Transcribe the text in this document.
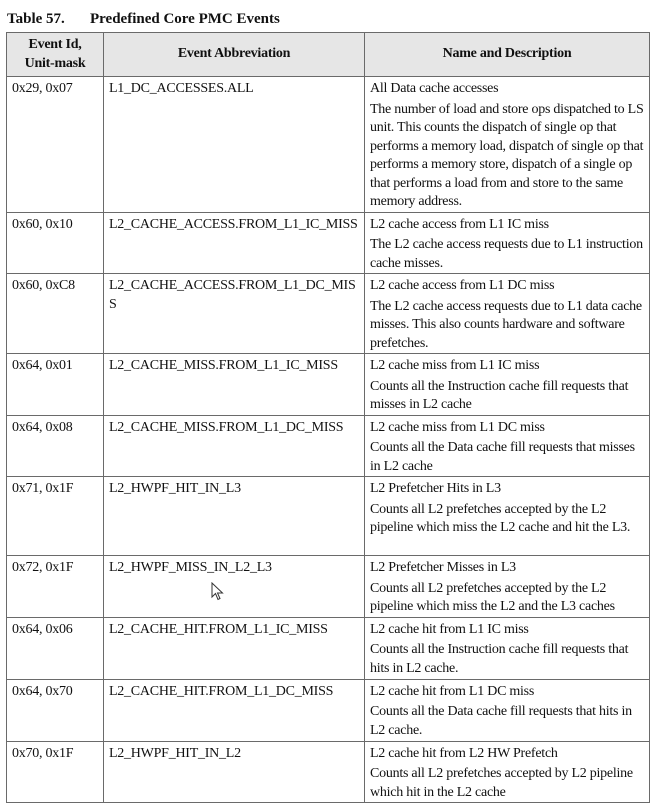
Table 57. Predefined Core PMC Events
Event Id, Unit-mask	Event Abbreviation	Name and Description
0x29, 0x07	L1_DC_ACCESSES.ALL	All Data cache accesses
The number of load and store ops dispatched to LS unit. This counts the dispatch of single op that performs a memory load, dispatch of single op that performs a memory store, dispatch of a single op that performs a load from and store to the same memory address.

0x60, 0x10	L2_CACHE_ACCESS.FROM_L1_IC_MISS	L2 cache access from L1 IC miss
The L2 cache access requests due to L1 instruction cache misses.

0x60, 0xC8	L2_CACHE_ACCESS.FROM_L1_DC_MISS	L2 cache access from L1 DC miss
The L2 cache access requests due to L1 data cache misses. This also counts hardware and software prefetches.

0x64, 0x01	L2_CACHE_MISS.FROM_L1_IC_MISS	L2 cache miss from L1 IC miss
Counts all the Instruction cache fill requests that misses in L2 cache

0x64, 0x08	L2_CACHE_MISS.FROM_L1_DC_MISS	L2 cache miss from L1 DC miss
Counts all the Data cache fill requests that misses in L2 cache

0x71, 0x1F	L2_HWPF_HIT_IN_L3	L2 Prefetcher Hits in L3
Counts all L2 prefetches accepted by the L2 pipeline which miss the L2 cache and hit the L3.

0x72, 0x1F	L2_HWPF_MISS_IN_L2_L3	L2 Prefetcher Misses in L3
Counts all L2 prefetches accepted by the L2 pipeline which miss the L2 and the L3 caches

0x64, 0x06	L2_CACHE_HIT.FROM_L1_IC_MISS	L2 cache hit from L1 IC miss
Counts all the Instruction cache fill requests that hits in L2 cache.

0x64, 0x70	L2_CACHE_HIT.FROM_L1_DC_MISS	L2 cache hit from L1 DC miss
Counts all the Data cache fill requests that hits in L2 cache.

0x70, 0x1F	L2_HWPF_HIT_IN_L2	L2 cache hit from L2 HW Prefetch
Counts all L2 prefetches accepted by L2 pipeline which hit in the L2 cache
